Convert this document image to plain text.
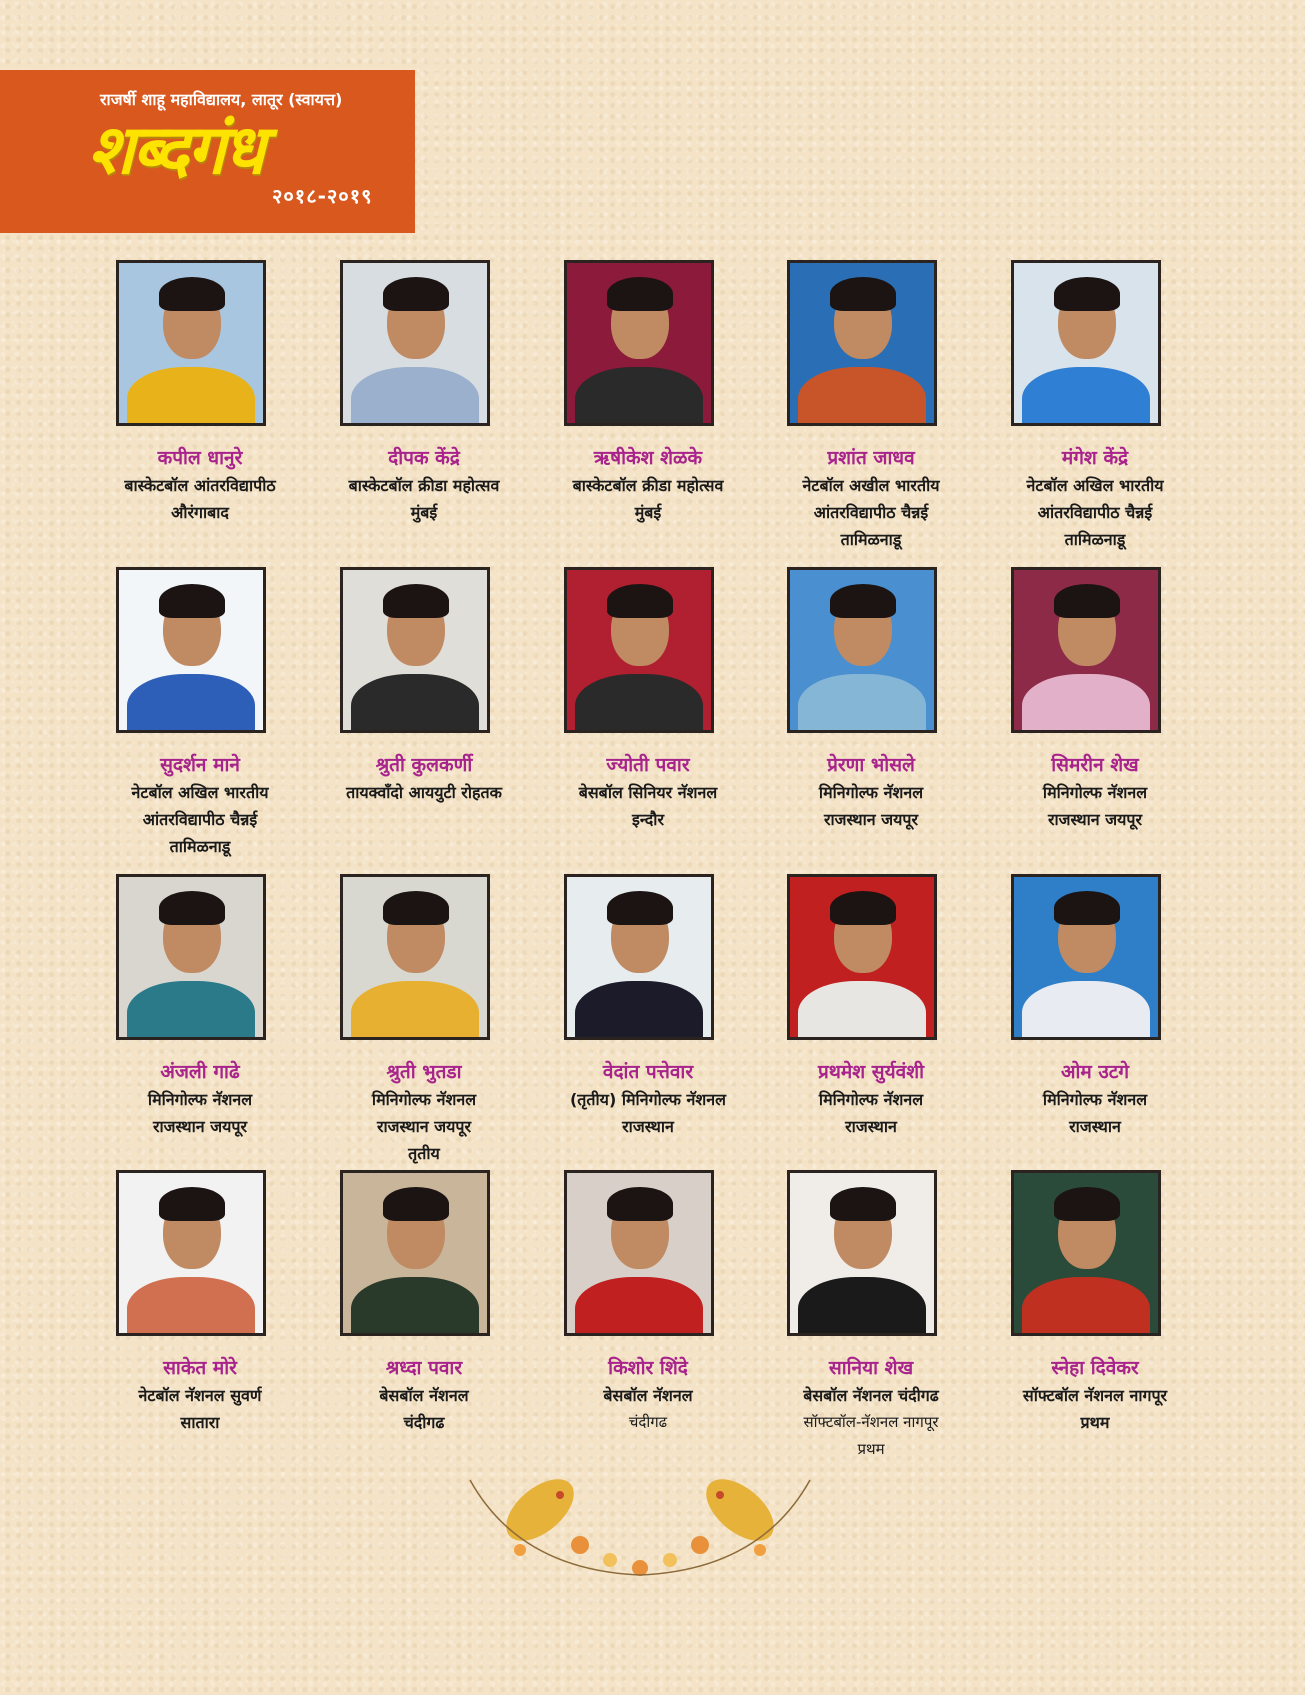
राजर्षी शाहू महाविद्यालय, लातूर (स्वायत्त)
शब्दगंध
२०१८-२०१९
कपील धानुरे
बास्केटबॉल आंतरविद्यापीठ
औरंगाबाद
दीपक केंद्रे
बास्केटबॉल क्रीडा महोत्सव
मुंबई
ऋषीकेश शेळके
बास्केटबॉल क्रीडा महोत्सव
मुंबई
प्रशांत जाधव
नेटबॉल अखील भारतीय
आंतरविद्यापीठ चैन्नई
तामिळनाडू
मंगेश केंद्रे
नेटबॉल अखिल भारतीय
आंतरविद्यापीठ चैन्नई
तामिळनाडू
सुदर्शन माने
नेटबॉल अखिल भारतीय
आंतरविद्यापीठ चैन्नई
तामिळनाडू
श्रुती कुलकर्णी
तायक्वाँदो आययुटी रोहतक
ज्योती पवार
बेसबॉल सिनियर नॅशनल
इन्दौर
प्रेरणा भोसले
मिनिगोल्फ नॅशनल
राजस्थान जयपूर
सिमरीन शेख
मिनिगोल्फ नॅशनल
राजस्थान जयपूर
अंजली गाढे
मिनिगोल्फ नॅशनल
राजस्थान जयपूर
श्रुती भुतडा
मिनिगोल्फ नॅशनल
राजस्थान जयपूर
तृतीय
वेदांत पत्तेवार
(तृतीय) मिनिगोल्फ नॅशनल
राजस्थान
प्रथमेश सुर्यवंशी
मिनिगोल्फ नॅशनल
राजस्थान
ओम उटगे
मिनिगोल्फ नॅशनल
राजस्थान
साकेत मोरे
नेटबॉल नॅशनल सुवर्ण
सातारा
श्रध्दा पवार
बेसबॉल नॅशनल
चंदीगढ
किशोर शिंदे
बेसबॉल नॅशनल
चंदीगढ
सानिया शेख
बेसबॉल नॅशनल चंदीगढ
सॉफ्टबॉल-नॅशनल नागपूर
प्रथम
स्नेहा दिवेकर
सॉफ्टबॉल नॅशनल नागपूर
प्रथम
